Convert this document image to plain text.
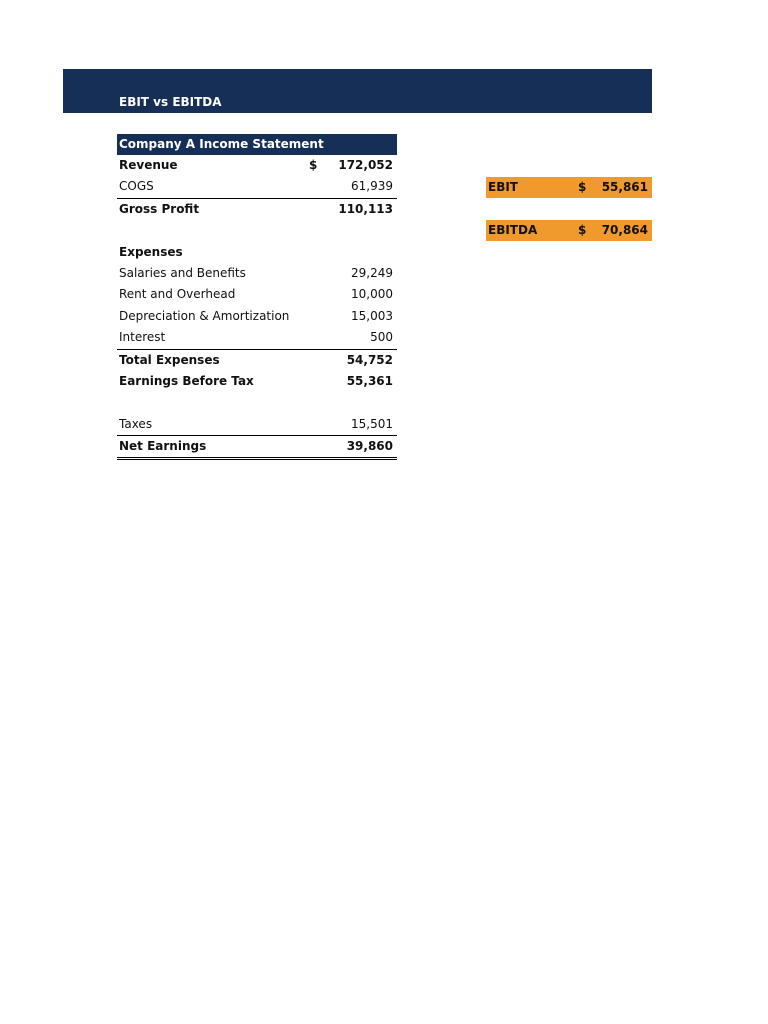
EBIT vs EBITDA
Company A Income Statement
Revenue	$ 172,052
COGS	61,939
Gross Profit	110,113
Expenses
Salaries and Benefits	29,249
Rent and Overhead	10,000
Depreciation & Amortization	15,003
Interest	500
Total Expenses	54,752
Earnings Before Tax	55,361
Taxes	15,501
Net Earnings	39,860
EBIT	$ 55,861
EBITDA	$ 70,864
